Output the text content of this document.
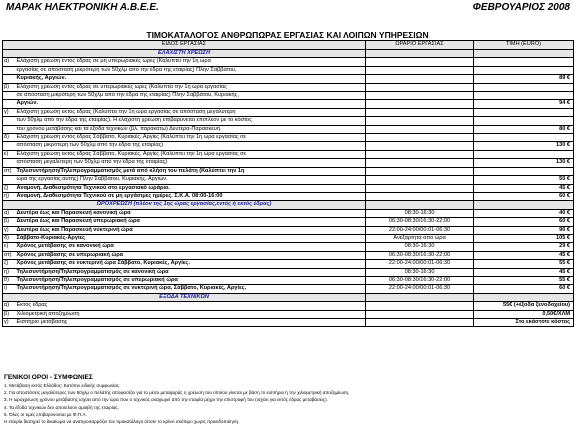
ΜΑΡΑΚ ΗΛΕΚΤΡΟΝΙΚΗ Α.Β.Ε.Ε.	ΦΕΒΡΟΥΑΡΙΟΣ 2008
ΤΙΜΟΚΑΤΑΛΟΓΟΣ ΑΝΘΡΩΠΩΡΑΣ ΕΡΓΑΣΙΑΣ ΚΑΙ ΛΟΙΠΩΝ ΥΠΗΡΕΣΙΩΝ
ΕΙΔΟΣ ΕΡΓΑΣΙΑΣ		ΩΡΑΡΙΟ ΕΡΓΑΣΙΑΣ	ΤΙΜΗ (EURO)
ΕΛΑΧΙΣΤΗ ΧΡΕΩΣΗ			
α)	Ελάχιστη χρέωση εντός έδρας σε μη υπερωριακές ώρες (Καλύπτει την 1η ώρα		
	εργασίας σε απόσταση μικρότερη των 50χλμ από την έδρα της εταιρίας) Πλην Σαββάτου,		
	Κυριακής, Αργιών.		89 €
β)	Ελάχιστη χρέωση εντός έδρας σε υπερωριακές ώρες (Καλύπτει την 1η ώρα εργασίας		
	σε απόσταση μικρότερη των 50χλμ από την έδρα της εταιρίας) Πλην Σαββάτου, Κυριακής,		
	Αργιών.		94 €
γ)	Ελάχιστη χρέωση εκτός έδρας (Καλύπτει την 1η ώρα εργασίας σε απόσταση μεγαλύτερη		
	των 50χλμ από την έδρα της εταιρίας). Η ελάχιστη χρέωση επιβαρύνεται επιπλέον με το κόστος		
	του χρόνου μετάβασης και τα έξοδα τεχνικών (βλ. παρακάτω) Δευτέρα-Παρασκευή.		80 €
δ)	Ελάχιστη χρέωση εντός έδρας Σάββατο, Κυριακές, Αργίες (Καλύπτει την 1η ώρα εργασίας σε		
	απόσταση μικρότερη των 50χλμ από την έδρα της εταιρίας)		130 €
ε)	Ελάχιστη χρέωση εκτός έδρας Σάββατο, Κυριακές, Αργίες (Καλύπτει την 1η ώρα εργασίας σε		
	απόσταση μεγαλύτερη των 50χλμ από την έδρα της εταιρίας)		130 €
στ)	Τηλεσυντήρηση/Τηλεπρογραμματισμός μετά από κλήση του πελάτη (Καλύπτει την 1η		
	ώρα της εργασίας αυτής) Πλην Σαββάτου, Κυριακής, Αργιών.		50 €
ζ)	Αναμονή, Διαθεσιμότητα Τεχνικού στο εργασιακό ωράριο.		45 €
η)	Αναμονή, Διαθεσιμότητα Τεχνικού σε μη εργάσιμες ημέρες. Σ.Κ.Α. 08:00-16:00		60 €
ΩΡΟΧΡΕΩΣΗ (πλέον της 1ης ώρας εργασίας,εντός ή εκτός έδρας)			
α)	Δευτέρα έως και Παρασκευή κανονική ώρα	08:30-16:30	40 €
β)	Δευτέρα έως και Παρασκευή υπερωριακή ώρα	06:30-08:30/16:30-22:00	60 €
γ)	Δευτέρα έως και Παρασκευή νυκτερινή ώρα	22:00-24:00/00:01-06:30	90 €
δ)	Σάββατο-Κυριακές-Αργίες	Ανεξάρτητα από ώρα	105 €
ε)	Χρόνος μετάβασης σε κανονική ώρα	08:30-16:30	29 €
στ)	Χρόνος μετάβασης σε υπερωριακή ώρα	06:30-08:30/16:30-22:00	45 €
ζ)	Χρόνος μετάβασης σε νυκτερινή ώρα Σάββατο, Κυριακές, Αργίες.	22:00-24:00/00:01-06:30	55 €
η)	Τηλεσυντήρηση/Τηλεπρογραμματισμός σε κανονική ώρα	08:30-16:30	45 €
θ)	Τηλεσυντήρηση/Τηλεπρογραμματισμός σε υπερωριακή ώρα	06:30-08:30/16:30-22:00	55 €
ι)	Τηλεσυντήρηση/Τηλεπρογραμματισμός σε νυκτερινή ώρα, Σάββατο, Κυριακές, Αργίες.	22:00-24:00/00:01-06:30	60 €
ΕΞΟΔΑ ΤΕΧΝΙΚΩΝ			
α)	Εκτός έδρας		55€ (+έξοδα ξενοδοχείου)
β)	Χιλιομετρική αποζημίωση		0,50€/ΧΛΜ
γ)	Εισιτήριο μετάβασης		Στο εκάστοτε κόστος
ΓΕΝΙΚΟΙ ΟΡΟΙ - ΣΥΜΦΩΝΙΕΣ
1. Μετάβαση εκτός Ελλάδος: Κατόπιν ειδικής συμφωνίας.
2. Για αποστάσεις μεγαλύτερες των 50χλμ ο πελάτης αποφασίζει για το μέσο μεταφοράς η χρέωση του οποίου γίνεται με βάση το εισιτήριο ή την χιλιομετρική αποζημίωση.
3. Η ωροχρέωση χρόνου μετάβασης ισχύει από την ώρα που ο τεχνικός αναχωρεί από την εταιρία μέχρι την επιστροφή του (ισχύει για εκτός έδρας μεταβάσεις).
4. Τα έξοδα τεχνικών δεν αποτελούν αμοιβή της εταιρίας.
5. Όλες οι τιμές επιβαρύνονται με Φ.Π.Α.
Η εταιρία διατηρεί το δικαίωμα να αναπροσαρμόζει τον τιμοκατάλογο όποτε το κρίνει σκόπιμο χωρίς προειδοποίηση.
